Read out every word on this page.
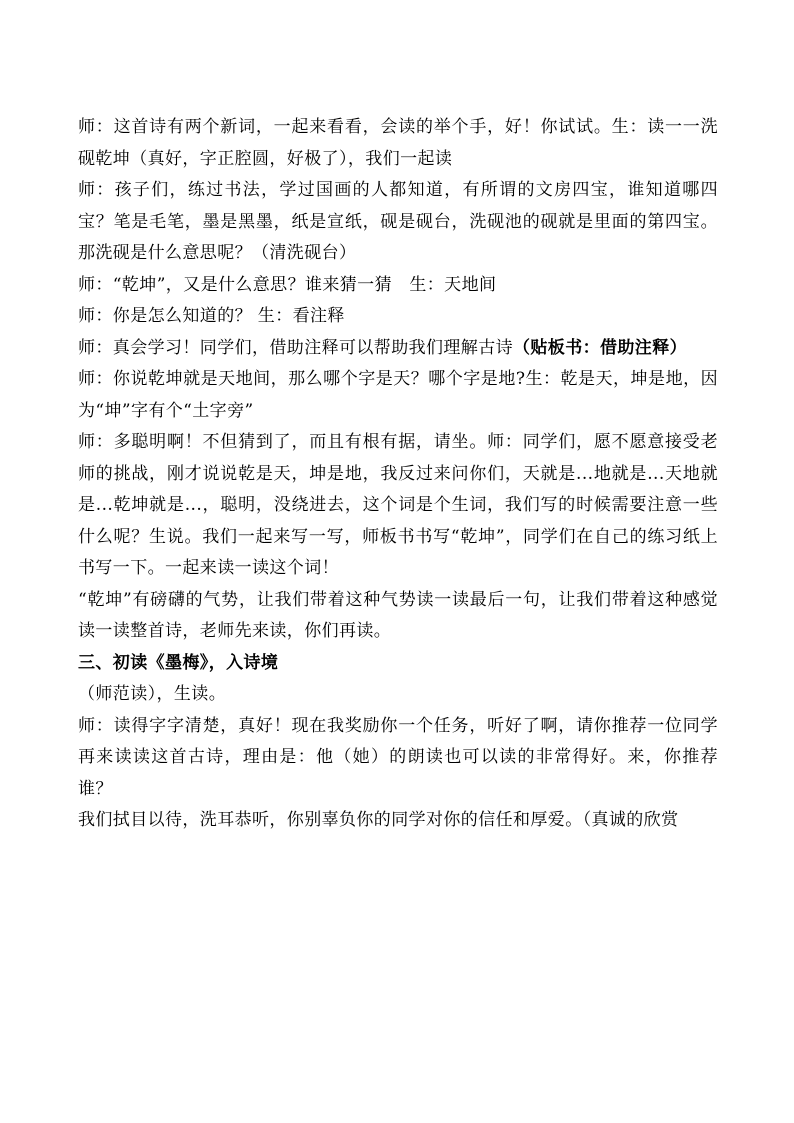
师：这首诗有两个新词，一起来看看，会读的举个手，好！你试试。生：读一一洗砚乾坤（真好，字正腔圆，好极了），我们一起读

师：孩子们，练过书法，学过国画的人都知道，有所谓的文房四宝，谁知道哪四宝？笔是毛笔，墨是黑墨，纸是宣纸，砚是砚台，洗砚池的砚就是里面的第四宝。那洗砚是什么意思呢？（清洗砚台）

师：“乾坤”，又是什么意思？谁来猜一猜　生：天地间

师：你是怎么知道的？ 生：看注释

师：真会学习！同学们，借助注释可以帮助我们理解古诗（贴板书：借助注释）

师：你说乾坤就是天地间，那么哪个字是天？哪个字是地?生：乾是天，坤是地，因为“坤”字有个“土字旁”

师：多聪明啊！不但猜到了，而且有根有据，请坐。师：同学们，愿不愿意接受老师的挑战，刚才说说乾是天，坤是地，我反过来问你们，天就是...地就是...天地就是...乾坤就是...，聪明，没绕进去，这个词是个生词，我们写的时候需要注意一些什么呢？生说。我们一起来写一写，师板书书写“乾坤”，同学们在自己的练习纸上书写一下。一起来读一读这个词！

“乾坤”有磅礴的气势，让我们带着这种气势读一读最后一句，让我们带着这种感觉读一读整首诗，老师先来读，你们再读。

三、初读《墨梅》，入诗境

（师范读），生读。

师：读得字字清楚，真好！现在我奖励你一个任务，听好了啊，请你推荐一位同学再来读读这首古诗，理由是：他（她）的朗读也可以读的非常得好。来，你推荐谁？

我们拭目以待，洗耳恭听，你别辜负你的同学对你的信任和厚爱。（真诚的欣赏
